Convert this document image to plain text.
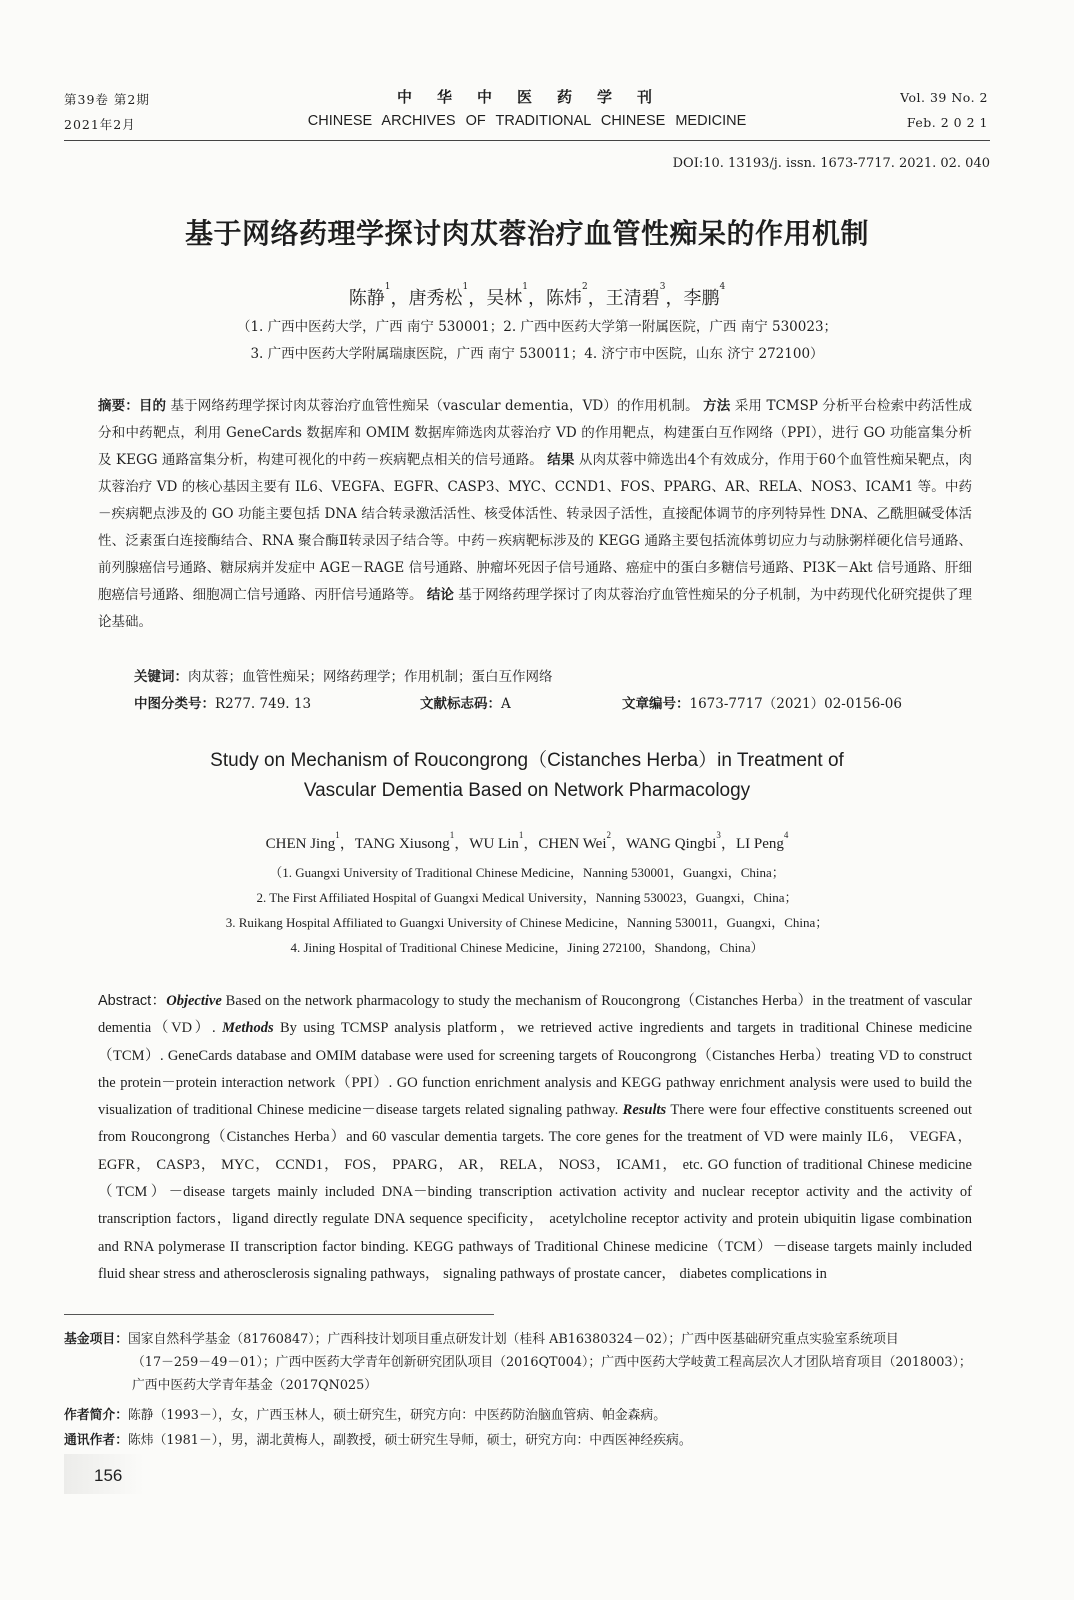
第39卷 第2期
2021年2月
中华中医药学刊
CHINESE ARCHIVES OF TRADITIONAL CHINESE MEDICINE
Vol. 39 No. 2
Feb. 2 0 2 1
DOI:10. 13193/j. issn. 1673-7717. 2021. 02. 040
基于网络药理学探讨肉苁蓉治疗血管性痴呆的作用机制
陈静$^1$，唐秀松$^1$，吴林$^1$，陈炜$^2$，王清碧$^3$，李鹏$^4$
（1. 广西中医药大学，广西 南宁 530001；2. 广西中医药大学第一附属医院，广西 南宁 530023；
3. 广西中医药大学附属瑞康医院，广西 南宁 530011；4. 济宁市中医院，山东 济宁 272100）
摘要：目的 基于网络药理学探讨肉苁蓉治疗血管性痴呆（vascular dementia，VD）的作用机制。 方法 采用 TCMSP 分析平台检索中药活性成分和中药靶点，利用 GeneCards 数据库和 OMIM 数据库筛选肉苁蓉治疗 VD 的作用靶点，构建蛋白互作网络（PPI），进行 GO 功能富集分析及 KEGG 通路富集分析，构建可视化的中药－疾病靶点相关的信号通路。 结果 从肉苁蓉中筛选出4个有效成分，作用于60个血管性痴呆靶点，肉苁蓉治疗 VD 的核心基因主要有 IL6、VEGFA、EGFR、CASP3、MYC、CCND1、FOS、PPARG、AR、RELA、NOS3、ICAM1 等。中药－疾病靶点涉及的 GO 功能主要包括 DNA 结合转录激活活性、核受体活性、转录因子活性，直接配体调节的序列特异性 DNA、乙酰胆碱受体活性、泛素蛋白连接酶结合、RNA 聚合酶Ⅱ转录因子结合等。中药－疾病靶标涉及的 KEGG 通路主要包括流体剪切应力与动脉粥样硬化信号通路、前列腺癌信号通路、糖尿病并发症中 AGE－RAGE 信号通路、肿瘤坏死因子信号通路、癌症中的蛋白多糖信号通路、PI3K－Akt 信号通路、肝细胞癌信号通路、细胞凋亡信号通路、丙肝信号通路等。 结论 基于网络药理学探讨了肉苁蓉治疗血管性痴呆的分子机制，为中药现代化研究提供了理论基础。
关键词：肉苁蓉；血管性痴呆；网络药理学；作用机制；蛋白互作网络
中图分类号：R277. 749. 13	文献标志码：A	文章编号：1673-7717（2021）02-0156-06
Study on Mechanism of Roucongrong（Cistanches Herba）in Treatment of
Vascular Dementia Based on Network Pharmacology
CHEN Jing$^1$，TANG Xiusong$^1$，WU Lin$^1$，CHEN Wei$^2$，WANG Qingbi$^3$，LI Peng$^4$
（1. Guangxi University of Traditional Chinese Medicine，Nanning 530001，Guangxi，China；
2. The First Affiliated Hospital of Guangxi Medical University，Nanning 530023，Guangxi，China；
3. Ruikang Hospital Affiliated to Guangxi University of Chinese Medicine，Nanning 530011，Guangxi，China；
4. Jining Hospital of Traditional Chinese Medicine，Jining 272100，Shandong，China）
Abstract：Objective Based on the network pharmacology to study the mechanism of Roucongrong（Cistanches Herba）in the treatment of vascular dementia（VD）. Methods By using TCMSP analysis platform，we retrieved active ingredients and targets in traditional Chinese medicine（TCM）. GeneCards database and OMIM database were used for screening targets of Roucongrong（Cistanches Herba）treating VD to construct the protein－protein interaction network（PPI）. GO function enrichment analysis and KEGG pathway enrichment analysis were used to build the visualization of traditional Chinese medicine－disease targets related signaling pathway. Results There were four effective constituents screened out from Roucongrong（Cistanches Herba）and 60 vascular dementia targets. The core genes for the treatment of VD were mainly IL6， VEGFA， EGFR， CASP3， MYC， CCND1， FOS， PPARG， AR， RELA， NOS3， ICAM1， etc. GO function of traditional Chinese medicine（TCM）－disease targets mainly included DNA－binding transcription activation activity and nuclear receptor activity and the activity of transcription factors，ligand directly regulate DNA sequence specificity， acetylcholine receptor activity and protein ubiquitin ligase combination and RNA polymerase II transcription factor binding. KEGG pathways of Traditional Chinese medicine（TCM）－disease targets mainly included fluid shear stress and atherosclerosis signaling pathways， signaling pathways of prostate cancer， diabetes complications in
基金项目：国家自然科学基金（81760847）；广西科技计划项目重点研发计划（桂科 AB16380324－02）；广西中医基础研究重点实验室系统项目
（17－259－49－01）；广西中医药大学青年创新研究团队项目（2016QT004）；广西中医药大学岐黄工程高层次人才团队培育项目（2018003）；
广西中医药大学青年基金（2017QN025）
作者简介：陈静（1993－），女，广西玉林人，硕士研究生，研究方向：中医药防治脑血管病、帕金森病。
通讯作者：陈炜（1981－），男，湖北黄梅人，副教授，硕士研究生导师，硕士，研究方向：中西医神经疾病。
156
